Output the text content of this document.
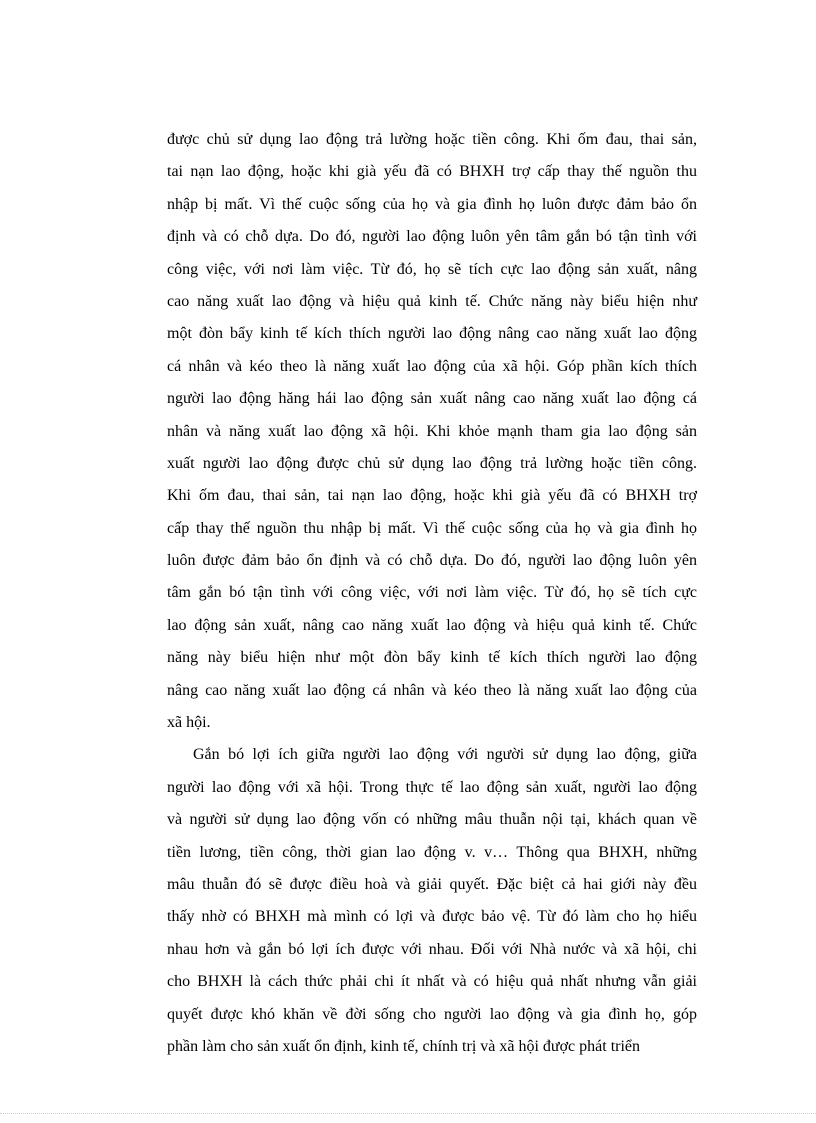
được chủ sử dụng lao động trả lường hoặc tiền công. Khi ốm đau, thai sản,
tai nạn lao động, hoặc khi già yếu đã có BHXH trợ cấp thay thế nguồn thu
nhập bị mất. Vì thế cuộc sống của họ và gia đình họ luôn được đảm bảo ổn
định và có chỗ dựa. Do đó, người lao động luôn yên tâm gắn bó tận tình với
công việc, với nơi làm việc. Từ đó, họ sẽ tích cực lao động sản xuất, nâng
cao năng xuất lao động và hiệu quả kinh tế. Chức năng này biểu hiện như
một đòn bẩy kinh tế kích thích người lao động nâng cao năng xuất lao động
cá nhân và kéo theo là năng xuất lao động của xã hội. Góp phần kích thích
người lao động hăng hái lao động sản xuất nâng cao năng xuất lao động cá
nhân và năng xuất lao động xã hội. Khi khỏe mạnh tham gia lao động sản
xuất người lao động được chủ sử dụng lao động trả lường hoặc tiền công.
Khi ốm đau, thai sản, tai nạn lao động, hoặc khi già yếu đã có BHXH trợ
cấp thay thế nguồn thu nhập bị mất. Vì thế cuộc sống của họ và gia đình họ
luôn được đảm bảo ổn định và có chỗ dựa. Do đó, người lao động luôn yên
tâm gắn bó tận tình với công việc, với nơi làm việc. Từ đó, họ sẽ tích cực
lao động sản xuất, nâng cao năng xuất lao động và hiệu quả kinh tế. Chức
năng này biểu hiện như một đòn bẩy kinh tế kích thích người lao động
nâng cao năng xuất lao động cá nhân và kéo theo là năng xuất lao động của
xã hội.
Gắn bó lợi ích giữa người lao động với người sử dụng lao động, giữa
người lao động với xã hội. Trong thực tế lao động sản xuất, người lao động
và người sử dụng lao động vốn có những mâu thuẫn nội tại, khách quan về
tiền lương, tiền công, thời gian lao động v. v… Thông qua BHXH, những
mâu thuẫn đó sẽ được điều hoà và giải quyết. Đặc biệt cả hai giới này đều
thấy nhờ có BHXH mà mình có lợi và được bảo vệ. Từ đó làm cho họ hiểu
nhau hơn và gắn bó lợi ích được với nhau. Đối với Nhà nước và xã hội, chi
cho BHXH là cách thức phải chi ít nhất và có hiệu quả nhất nhưng vẫn giải
quyết được khó khăn về đời sống cho người lao động và gia đình họ, góp
phần làm cho sản xuất ổn định, kinh tế, chính trị và xã hội được phát triển
